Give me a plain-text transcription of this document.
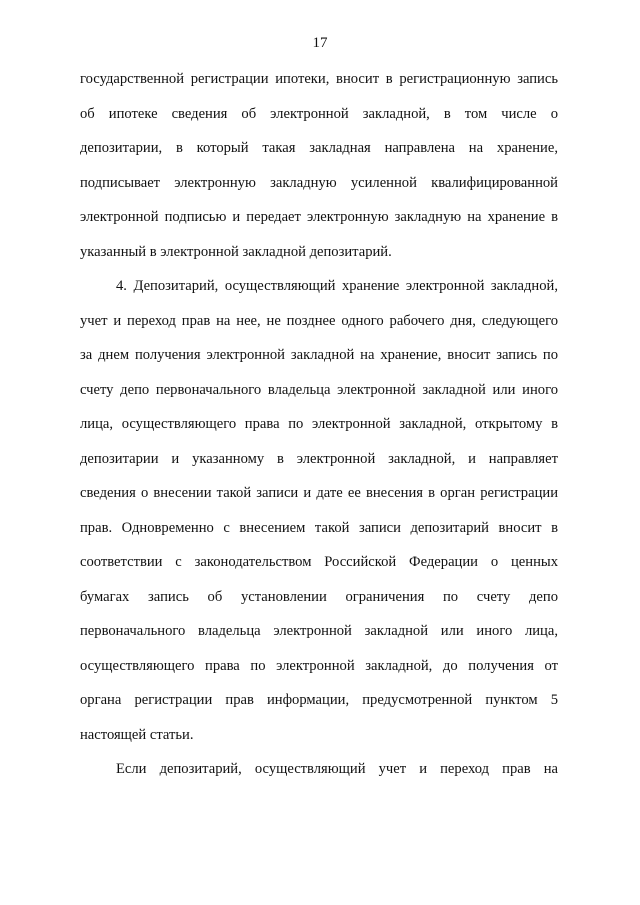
17
государственной регистрации ипотеки, вносит в регистрационную запись
об ипотеке сведения об электронной закладной, в том числе о
депозитарии, в который такая закладная направлена на хранение,
подписывает электронную закладную усиленной квалифицированной
электронной подписью и передает электронную закладную на хранение в
указанный в электронной закладной депозитарий.
4. Депозитарий, осуществляющий хранение электронной закладной,
учет и переход прав на нее, не позднее одного рабочего дня, следующего
за днем получения электронной закладной на хранение, вносит запись по
счету депо первоначального владельца электронной закладной или иного
лица, осуществляющего права по электронной закладной, открытому в
депозитарии и указанному в электронной закладной, и направляет
сведения о внесении такой записи и дате ее внесения в орган регистрации
прав. Одновременно с внесением такой записи депозитарий вносит в
соответствии с законодательством Российской Федерации о ценных
бумагах запись об установлении ограничения по счету депо
первоначального владельца электронной закладной или иного лица,
осуществляющего права по электронной закладной, до получения от
органа регистрации прав информации, предусмотренной пунктом 5
настоящей статьи.
Если депозитарий, осуществляющий учет и переход прав на
